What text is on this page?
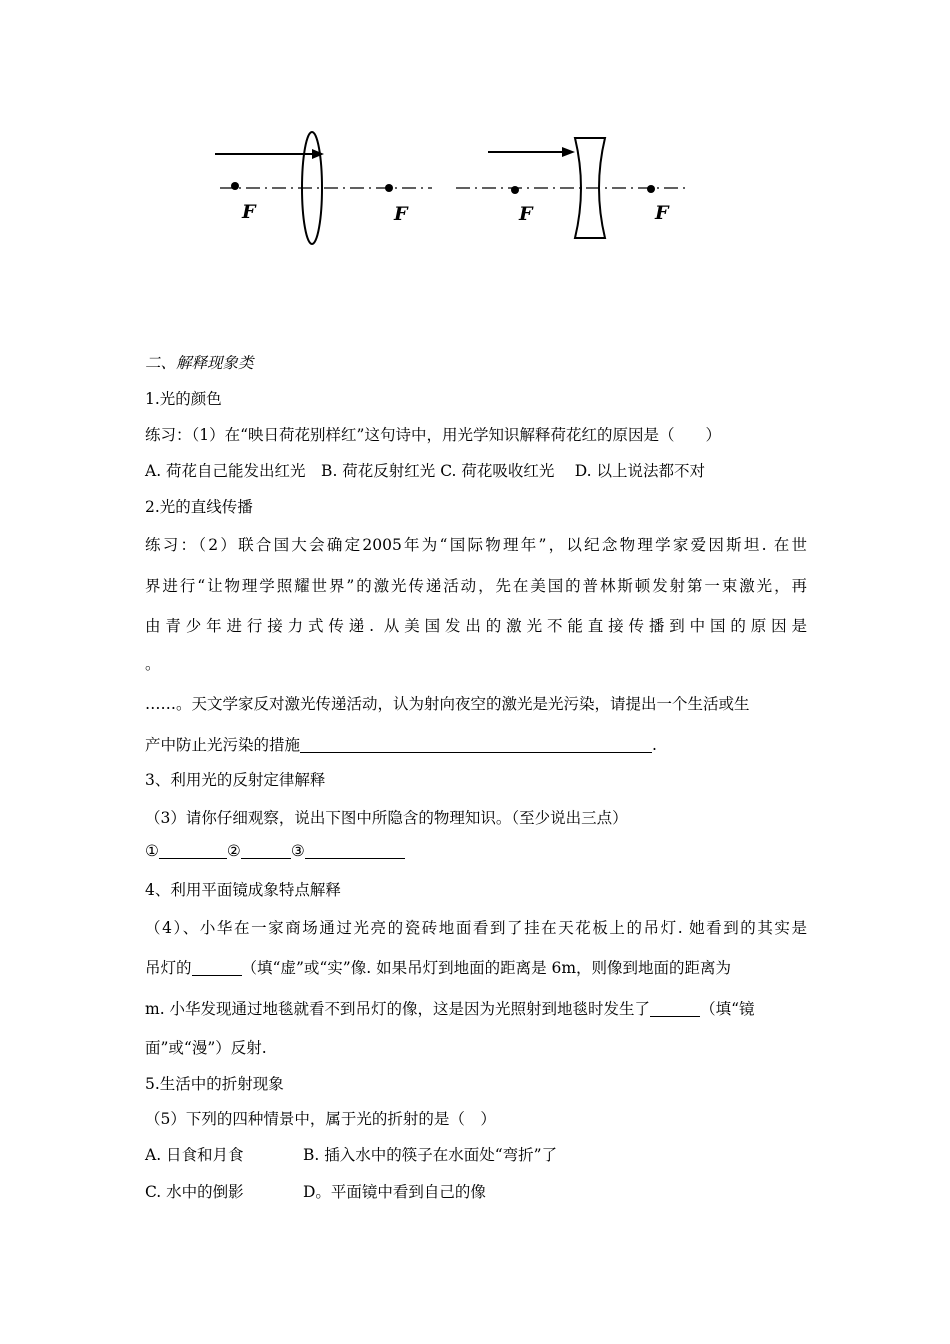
F	F	F	F
二、解释现象类
1.光的颜色
练习：（1）在“映日荷花别样红”这句诗中，用光学知识解释荷花红的原因是（　　）
A. 荷花自己能发出红光　B. 荷花反射红光 C. 荷花吸收红光　 D. 以上说法都不对
2.光的直线传播
练习：（2）联合国大会确定2005年为“国际物理年”，以纪念物理学家爱因斯坦. 在世
界进行“让物理学照耀世界”的激光传递活动，先在美国的普林斯顿发射第一束激光，再
由青少年进行接力式传递. 从美国发出的激光不能直接传播到中国的原因是
。
……。天文学家反对激光传递活动，认为射向夜空的激光是光污染，请提出一个生活或生
产中防止光污染的措施	.
3、利用光的反射定律解释
（3）请你仔细观察，说出下图中所隐含的物理知识。（至少说出三点）
①	②	③
4、利用平面镜成象特点解释
（4）、小华在一家商场通过光亮的瓷砖地面看到了挂在天花板上的吊灯. 她看到的其实是
吊灯的	（填“虚”或“实”像. 如果吊灯到地面的距离是 6m，则像到地面的距离为
m. 小华发现通过地毯就看不到吊灯的像，这是因为光照射到地毯时发生了	（填“镜
面”或“漫”）反射.
5.生活中的折射现象
（5）下列的四种情景中，属于光的折射的是（　）
A. 日食和月食	B. 插入水中的筷子在水面处“弯折”了
C. 水中的倒影	D。平面镜中看到自己的像
